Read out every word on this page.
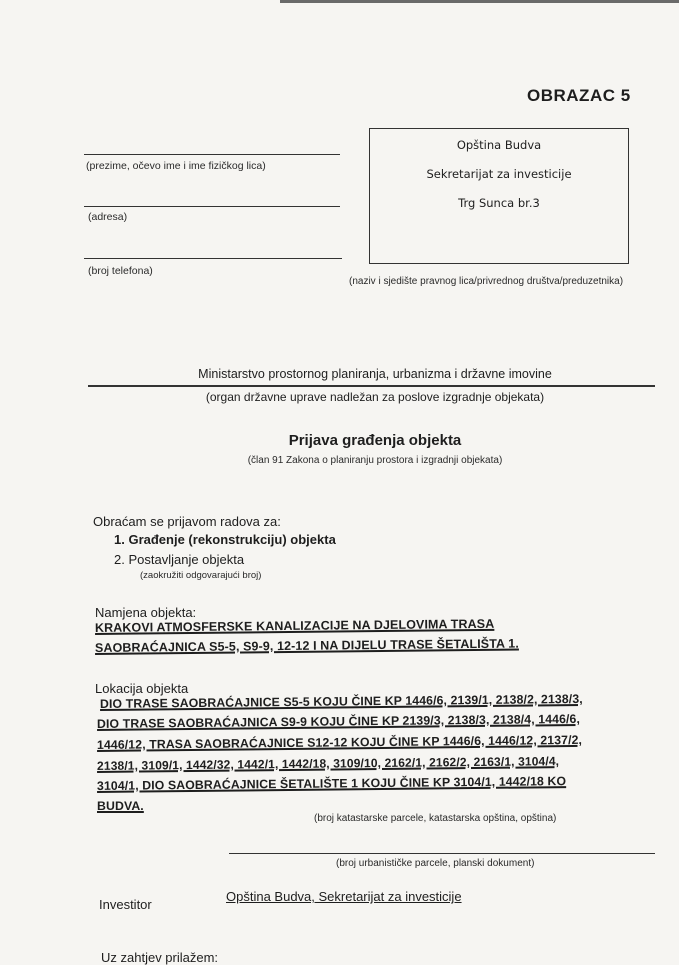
OBRAZAC 5
(prezime, očevo ime i ime fizičkog lica)
(adresa)
(broj telefona)
Opština Budva
Sekretarijat za investicije
Trg Sunca br.3
(naziv i sjedište pravnog lica/privrednog društva/preduzetnika)
Ministarstvo prostornog planiranja, urbanizma i državne imovine
(organ državne uprave nadležan za poslove izgradnje objekata)
Prijava građenja objekta
(član 91 Zakona o planiranju prostora i izgradnji objekata)
Obraćam se prijavom radova za:
1. Građenje (rekonstrukciju) objekta
2. Postavljanje objekta
(zaokružiti odgovarajući broj)
Namjena objekta:
KRAKOVI ATMOSFERSKE KANALIZACIJE NA DJELOVIMA TRASA
SAOBRAĆAJNICA S5-5, S9-9, 12-12 I NA DIJELU TRASE ŠETALIŠTA 1.
Lokacija objekta
DIO TRASE SAOBRAĆAJNICE S5-5 KOJU ČINE KP 1446/6, 2139/1, 2138/2, 2138/3,
DIO TRASE SAOBRAĆAJNICA S9-9 KOJU ČINE KP 2139/3, 2138/3, 2138/4, 1446/6,
1446/12, TRASA SAOBRAĆAJNICE S12-12 KOJU ČINE KP 1446/6, 1446/12, 2137/2,
2138/1, 3109/1, 1442/32, 1442/1, 1442/18, 3109/10, 2162/1, 2162/2, 2163/1, 3104/4,
3104/1, DIO SAOBRAĆAJNICE ŠETALIŠTE 1 KOJU ČINE KP 3104/1, 1442/18 KO
BUDVA.
(broj katastarske parcele, katastarska opština, opština)
(broj urbanističke parcele, planski dokument)
Investitor
Opština Budva, Sekretarijat za investicije
Uz zahtjev prilažem:
